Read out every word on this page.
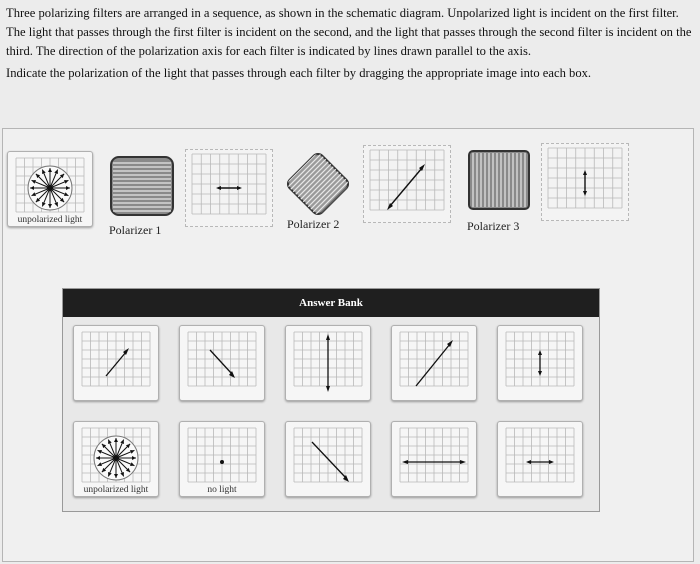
Three polarizing filters are arranged in a sequence, as shown in the schematic diagram. Unpolarized light is incident on the first filter. The light that passes through the first filter is incident on the second, and the light that passes through the second filter is incident on the third. The direction of the polarization axis for each filter is indicated by lines drawn parallel to the axis.

Indicate the polarization of the light that passes through each filter by dragging the appropriate image into each box.

unpolarized light
Polarizer 1	Polarizer 2	Polarizer 3
Answer Bank
unpolarized light	no light
